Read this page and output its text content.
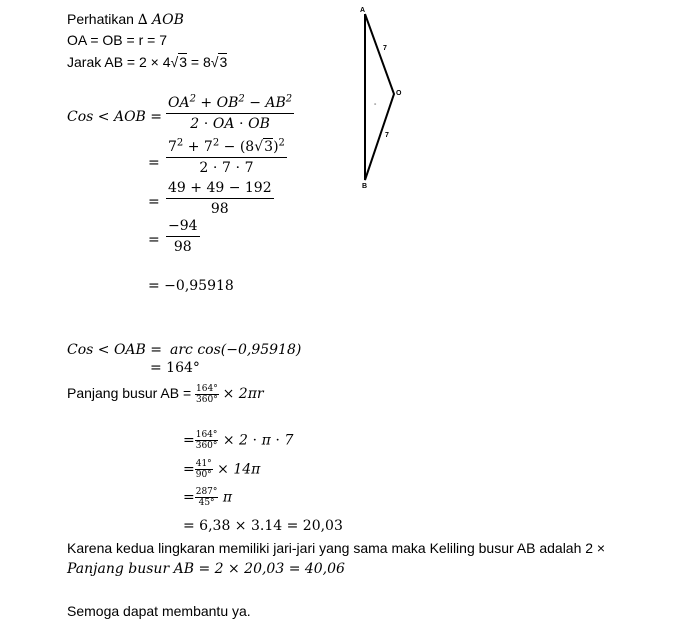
Perhatikan ∆ AOB
OA = OB = r = 7
Jarak AB = 2 × 4√3 = 8√3
Cos < AOB = $\frac{OA^2 + OB^2 - AB^2}{2 \cdot OA \cdot OB}$
= $\frac{7^2 + 7^2 - (8√3)^2}{2 \cdot 7 \cdot 7}$
= $\frac{49 + 49 - 192}{98}$
= $\frac{-94}{98}$
= −0,95918
Cos < OAB = arc cos(−0,95918)
= 164°
Panjang busur AB = $\frac{164^\circ}{360^\circ} \times 2\pi r$
= $\frac{164^\circ}{360^\circ} \times 2 \cdot \pi \cdot 7$
= $\frac{41^\circ}{90^\circ} \times 14\pi$
= $\frac{287^\circ}{45^\circ}$ π
= 6,38 × 3.14 = 20,03
Karena kedua lingkaran memiliki jari-jari yang sama maka Keliling busur AB adalah 2 ×
Panjang busur AB = 2 × 20,03 = 40,06
Semoga dapat membantu ya.
A
O
B
7
7
-
